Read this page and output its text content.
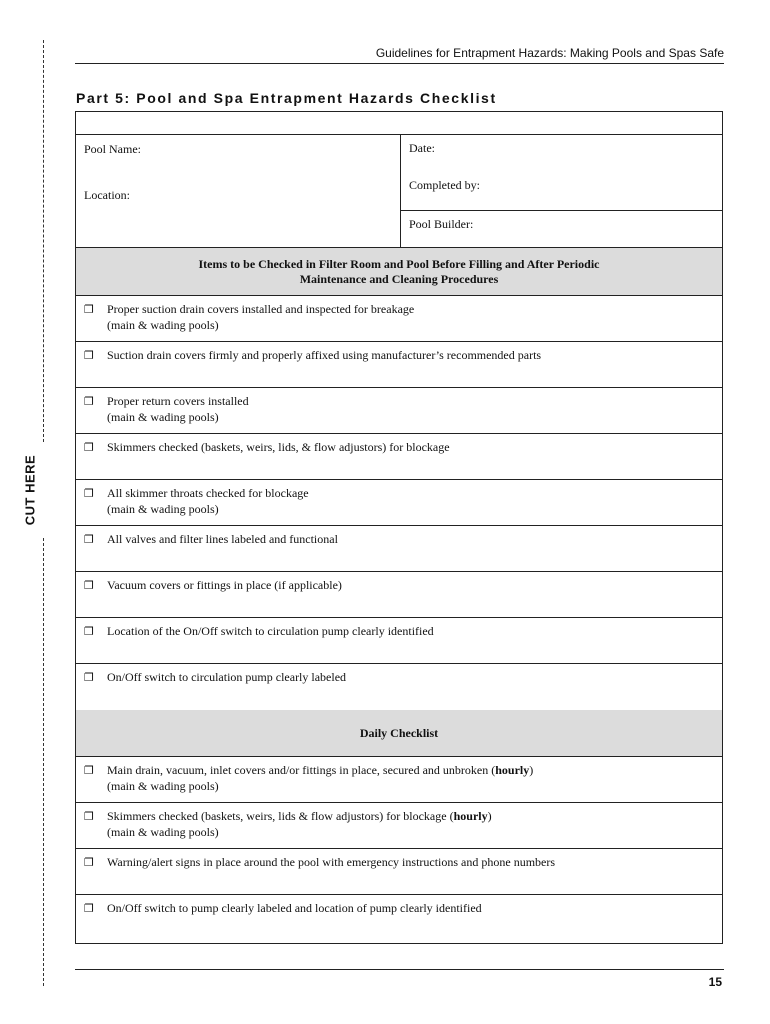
CUT HERE
Guidelines for Entrapment Hazards: Making Pools and Spas Safe
Part 5: Pool and Spa Entrapment Hazards Checklist
Pool Name:
Location:
Date:
Completed by:
Pool Builder:
Items to be Checked in Filter Room and Pool Before Filling and After Periodic
Maintenance and Cleaning Procedures
❐ Proper suction drain covers installed and inspected for breakage
(main & wading pools)
❐ Suction drain covers firmly and properly affixed using manufacturer’s recommended parts
❐ Proper return covers installed
(main & wading pools)
❐ Skimmers checked (baskets, weirs, lids, & flow adjustors) for blockage
❐ All skimmer throats checked for blockage
(main & wading pools)
❐ All valves and filter lines labeled and functional
❐ Vacuum covers or fittings in place (if applicable)
❐ Location of the On/Off switch to circulation pump clearly identified
❐ On/Off switch to circulation pump clearly labeled
Daily Checklist
❐ Main drain, vacuum, inlet covers and/or fittings in place, secured and unbroken (hourly)
(main & wading pools)
❐ Skimmers checked (baskets, weirs, lids & flow adjustors) for blockage (hourly)
(main & wading pools)
❐ Warning/alert signs in place around the pool with emergency instructions and phone numbers
❐ On/Off switch to pump clearly labeled and location of pump clearly identified
15
